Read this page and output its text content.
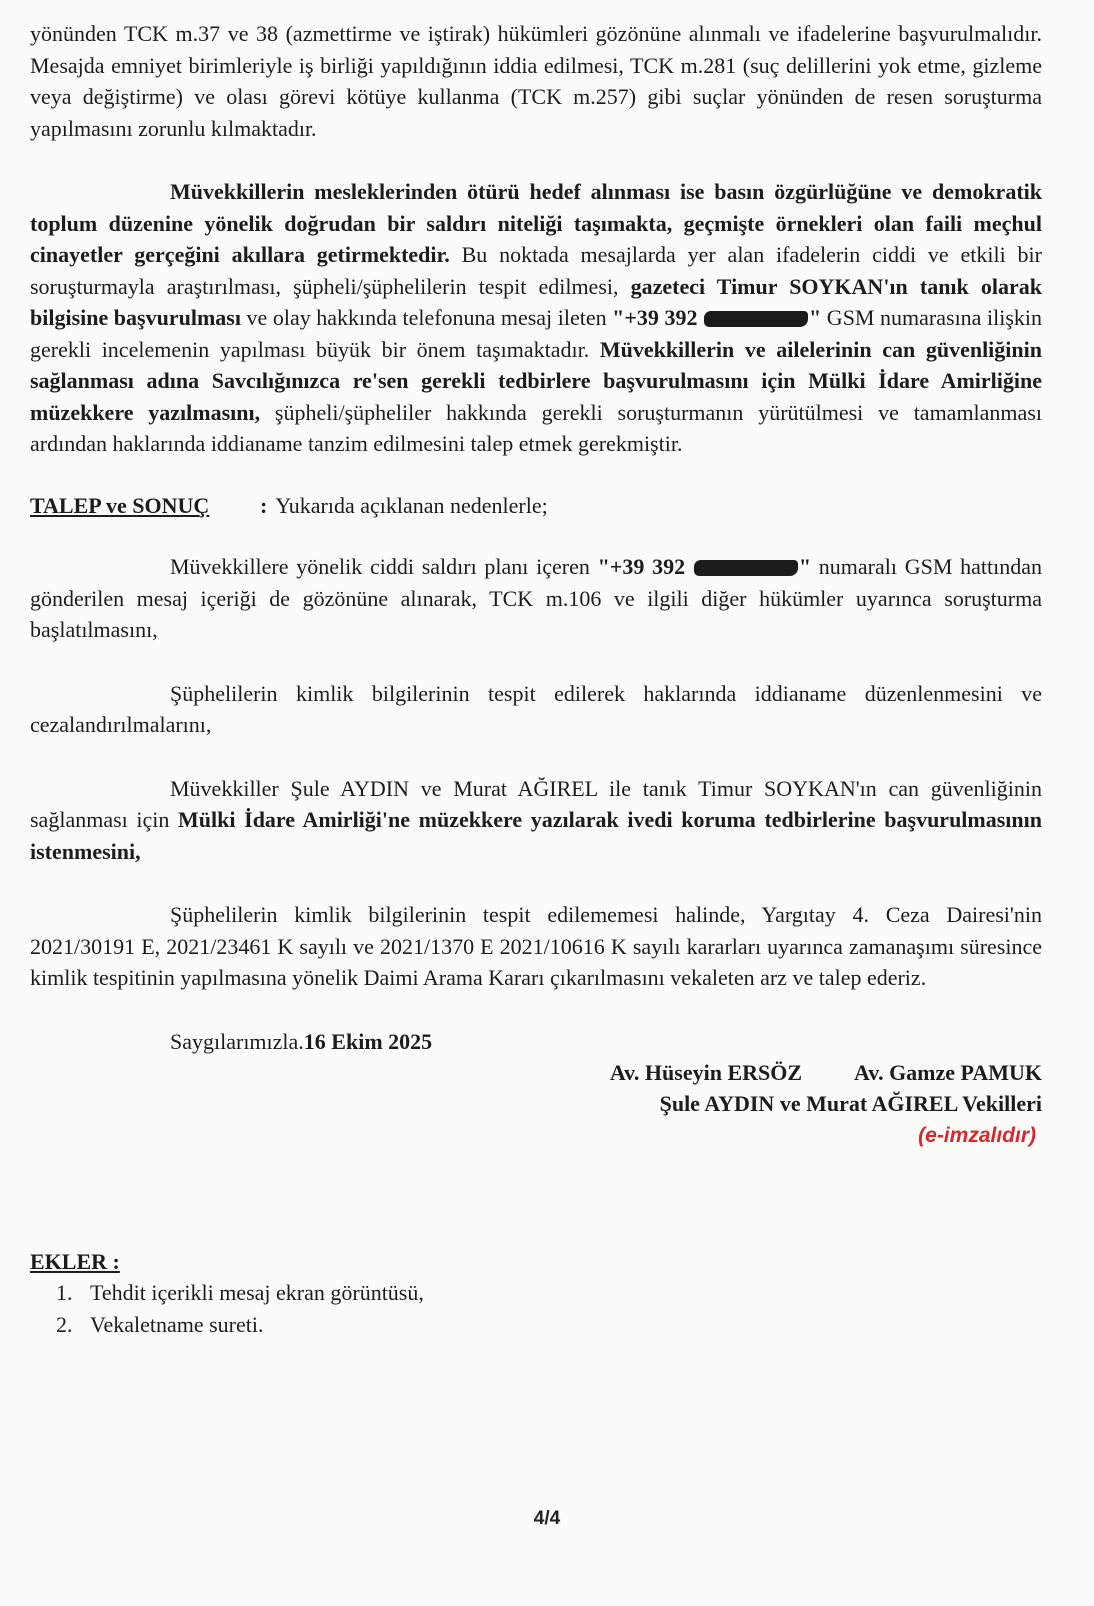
yönünden TCK m.37 ve 38 (azmettirme ve iştirak) hükümleri gözönüne alınmalı ve ifadelerine başvurulmalıdır. Mesajda emniyet birimleriyle iş birliği yapıldığının iddia edilmesi, TCK m.281 (suç delillerini yok etme, gizleme veya değiştirme) ve olası görevi kötüye kullanma (TCK m.257) gibi suçlar yönünden de resen soruşturma yapılmasını zorunlu kılmaktadır.

Müvekkillerin mesleklerinden ötürü hedef alınması ise basın özgürlüğüne ve demokratik toplum düzenine yönelik doğrudan bir saldırı niteliği taşımakta, geçmişte örnekleri olan faili meçhul cinayetler gerçeğini akıllara getirmektedir. Bu noktada mesajlarda yer alan ifadelerin ciddi ve etkili bir soruşturmayla araştırılması, şüpheli/şüphelilerin tespit edilmesi, gazeteci Timur SOYKAN'ın tanık olarak bilgisine başvurulması ve olay hakkında telefonuna mesaj ileten "+39 392	" GSM numarasına ilişkin gerekli incelemenin yapılması büyük bir önem taşımaktadır. Müvekkillerin ve ailelerinin can güvenliğinin sağlanması adına Savcılığınızca re'sen gerekli tedbirlere başvurulmasını için Mülki İdare Amirliğine müzekkere yazılmasını, şüpheli/şüpheliler hakkında gerekli soruşturmanın yürütülmesi ve tamamlanması ardından haklarında iddianame tanzim edilmesini talep etmek gerekmiştir.

TALEP ve SONUÇ : Yukarıda açıklanan nedenlerle;

Müvekkillere yönelik ciddi saldırı planı içeren "+39 392	" numaralı GSM hattından gönderilen mesaj içeriği de gözönüne alınarak, TCK m.106 ve ilgili diğer hükümler uyarınca soruşturma başlatılmasını,

Şüphelilerin kimlik bilgilerinin tespit edilerek haklarında iddianame düzenlenmesini ve cezalandırılmalarını,

Müvekkiller Şule AYDIN ve Murat AĞIREL ile tanık Timur SOYKAN'ın can güvenliğinin sağlanması için Mülki İdare Amirliği'ne müzekkere yazılarak ivedi koruma tedbirlerine başvurulmasının istenmesini,

Şüphelilerin kimlik bilgilerinin tespit edilememesi halinde, Yargıtay 4. Ceza Dairesi'nin 2021/30191 E, 2021/23461 K sayılı ve 2021/1370 E 2021/10616 K sayılı kararları uyarınca zamanaşımı süresince kimlik tespitinin yapılmasına yönelik Daimi Arama Kararı çıkarılmasını vekaleten arz ve talep ederiz.

Saygılarımızla.16 Ekim 2025
Av. Hüseyin ERSÖZ Av. Gamze PAMUK
Şule AYDIN ve Murat AĞIREL Vekilleri
(e-imzalıdır)
EKLER :
1. Tehdit içerikli mesaj ekran görüntüsü,
2. Vekaletname sureti.
4/4
